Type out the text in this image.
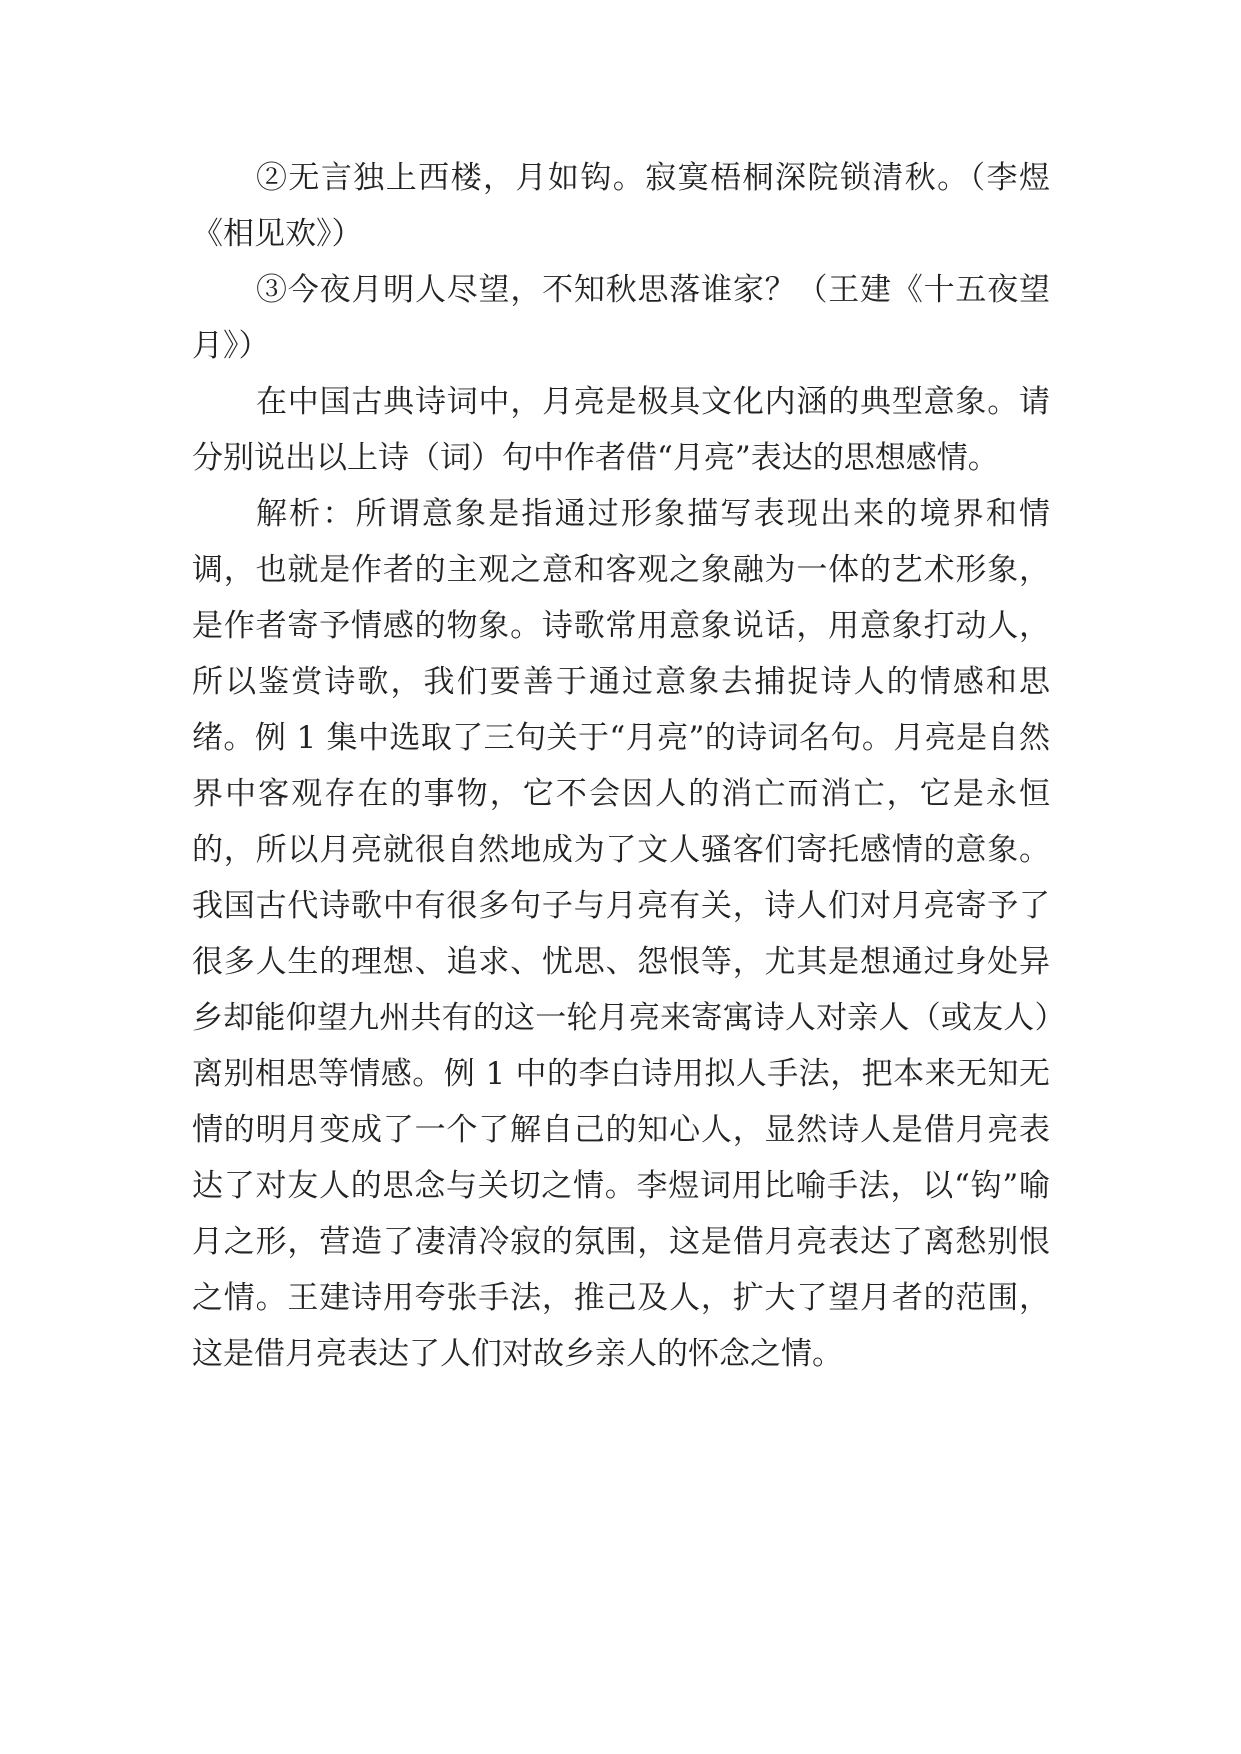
②无言独上西楼，月如钩。寂寞梧桐深院锁清秋。（李煜《相见欢》）

③今夜月明人尽望，不知秋思落谁家？（王建《十五夜望月》）

在中国古典诗词中，月亮是极具文化内涵的典型意象。请分别说出以上诗（词）句中作者借“月亮”表达的思想感情。

解析：所谓意象是指通过形象描写表现出来的境界和情调，也就是作者的主观之意和客观之象融为一体的艺术形象，是作者寄予情感的物象。诗歌常用意象说话，用意象打动人，所以鉴赏诗歌，我们要善于通过意象去捕捉诗人的情感和思绪。例 1 集中选取了三句关于“月亮”的诗词名句。月亮是自然界中客观存在的事物，它不会因人的消亡而消亡，它是永恒的，所以月亮就很自然地成为了文人骚客们寄托感情的意象。我国古代诗歌中有很多句子与月亮有关，诗人们对月亮寄予了很多人生的理想、追求、忧思、怨恨等，尤其是想通过身处异乡却能仰望九州共有的这一轮月亮来寄寓诗人对亲人（或友人）离别相思等情感。例 1 中的李白诗用拟人手法，把本来无知无情的明月变成了一个了解自己的知心人，显然诗人是借月亮表达了对友人的思念与关切之情。李煜词用比喻手法，以“钩”喻月之形，营造了凄清冷寂的氛围，这是借月亮表达了离愁别恨之情。王建诗用夸张手法，推己及人，扩大了望月者的范围，这是借月亮表达了人们对故乡亲人的怀念之情。
